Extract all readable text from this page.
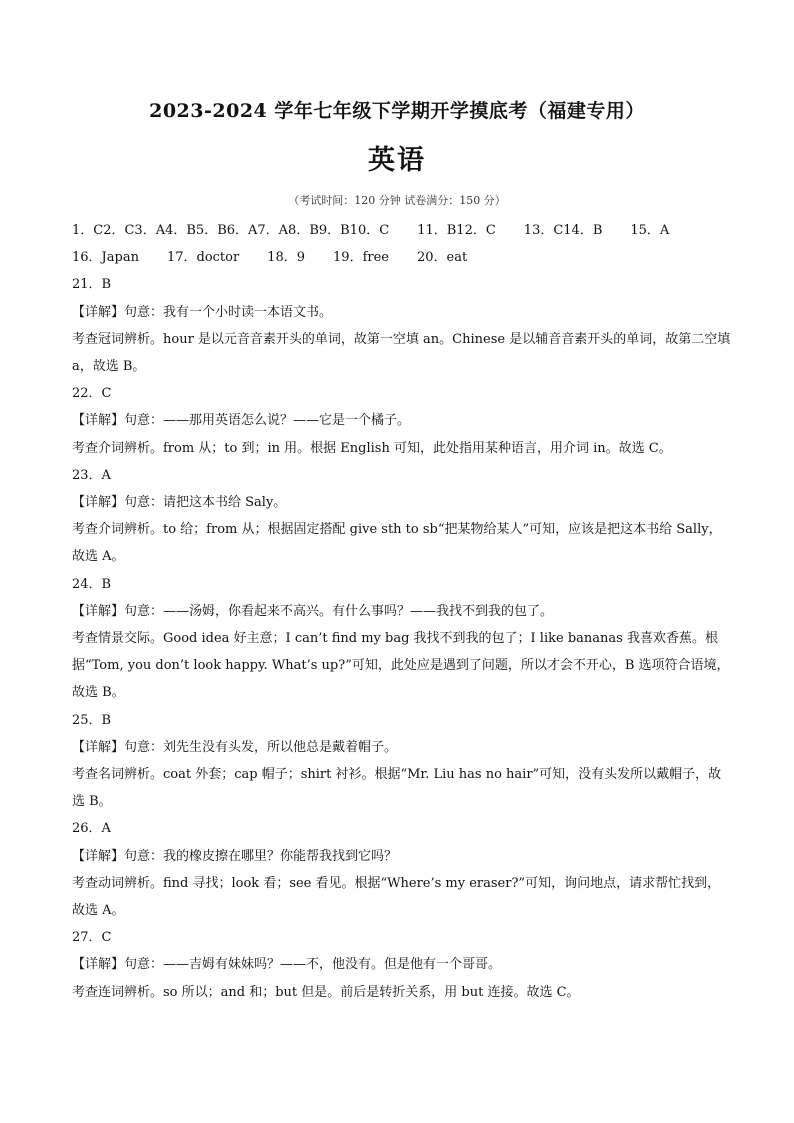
2023-2024 学年七年级下学期开学摸底考（福建专用）
英语
（考试时间：120 分钟 试卷满分：150 分）
1．C2．C3．A4．B5．B6．A7．A8．B9．B10．C 11．B12．C 13．C14．B 15．A
16．Japan 17．doctor 18．9 19．free 20．eat
21．B
【详解】句意：我有一个小时读一本语文书。
考查冠词辨析。hour 是以元音音素开头的单词，故第一空填 an。Chinese 是以辅音音素开头的单词，故第二空填 a，故选 B。
22．C
【详解】句意：——那用英语怎么说？——它是一个橘子。
考查介词辨析。from 从；to 到；in 用。根据 English 可知，此处指用某种语言，用介词 in。故选 C。
23．A
【详解】句意：请把这本书给 Saly。
考查介词辨析。to 给；from 从；根据固定搭配 give sth to sb“把某物给某人”可知，应该是把这本书给 Sally，故选 A。
24．B
【详解】句意：——汤姆，你看起来不高兴。有什么事吗？——我找不到我的包了。
考查情景交际。Good idea 好主意；I can’t find my bag 我找不到我的包了；I like bananas 我喜欢香蕉。根据“Tom, you don’t look happy. What’s up?”可知，此处应是遇到了问题，所以才会不开心，B 选项符合语境，故选 B。
25．B
【详解】句意：刘先生没有头发，所以他总是戴着帽子。
考查名词辨析。coat 外套；cap 帽子；shirt 衬衫。根据“Mr. Liu has no hair”可知，没有头发所以戴帽子，故选 B。
26．A
【详解】句意：我的橡皮擦在哪里？你能帮我找到它吗？
考查动词辨析。find 寻找；look 看；see 看见。根据“Where’s my eraser?”可知，询问地点，请求帮忙找到，故选 A。
27．C
【详解】句意：——吉姆有妹妹吗？——不，他没有。但是他有一个哥哥。
考查连词辨析。so 所以；and 和；but 但是。前后是转折关系，用 but 连接。故选 C。
